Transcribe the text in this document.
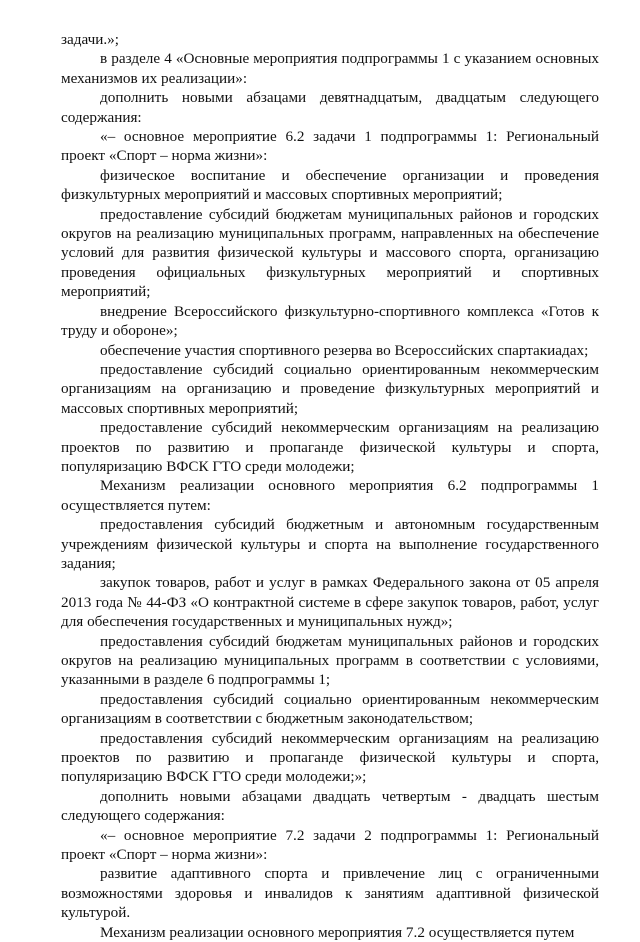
задачи.»;

в разделе 4 «Основные мероприятия подпрограммы 1 с указанием основных механизмов их реализации»:

дополнить новыми абзацами девятнадцатым, двадцатым следующего содержания:

«– основное мероприятие 6.2 задачи 1 подпрограммы 1: Региональный проект «Спорт – норма жизни»:

физическое воспитание и обеспечение организации и проведения физкультурных мероприятий и массовых спортивных мероприятий;

предоставление субсидий бюджетам муниципальных районов и городских округов на реализацию муниципальных программ, направленных на обеспечение условий для развития физической культуры и массового спорта, организацию проведения официальных физкультурных мероприятий и спортивных мероприятий;

внедрение Всероссийского физкультурно-спортивного комплекса «Готов к труду и обороне»;

обеспечение участия спортивного резерва во Всероссийских спартакиадах;

предоставление субсидий социально ориентированным некоммерческим организациям на организацию и проведение физкультурных мероприятий и массовых спортивных мероприятий;

предоставление субсидий некоммерческим организациям на реализацию проектов по развитию и пропаганде физической культуры и спорта, популяризацию ВФСК ГТО среди молодежи;

Механизм реализации основного мероприятия 6.2 подпрограммы 1 осуществляется путем:

предоставления субсидий бюджетным и автономным государственным учреждениям физической культуры и спорта на выполнение государственного задания;

закупок товаров, работ и услуг в рамках Федерального закона от 05 апреля 2013 года № 44-ФЗ «О контрактной системе в сфере закупок товаров, работ, услуг для обеспечения государственных и муниципальных нужд»;

предоставления субсидий бюджетам муниципальных районов и городских округов на реализацию муниципальных программ в соответствии с условиями, указанными в разделе 6 подпрограммы 1;

предоставления субсидий социально ориентированным некоммерческим организациям в соответствии с бюджетным законодательством;

предоставления субсидий некоммерческим организациям на реализацию проектов по развитию и пропаганде физической культуры и спорта, популяризацию ВФСК ГТО среди молодежи;»;

дополнить новыми абзацами двадцать четвертым - двадцать шестым следующего содержания:

«– основное мероприятие 7.2 задачи 2 подпрограммы 1: Региональный проект «Спорт – норма жизни»:

развитие адаптивного спорта и привлечение лиц с ограниченными возможностями здоровья и инвалидов к занятиям адаптивной физической культурой.

Механизм реализации основного мероприятия 7.2 осуществляется путем
